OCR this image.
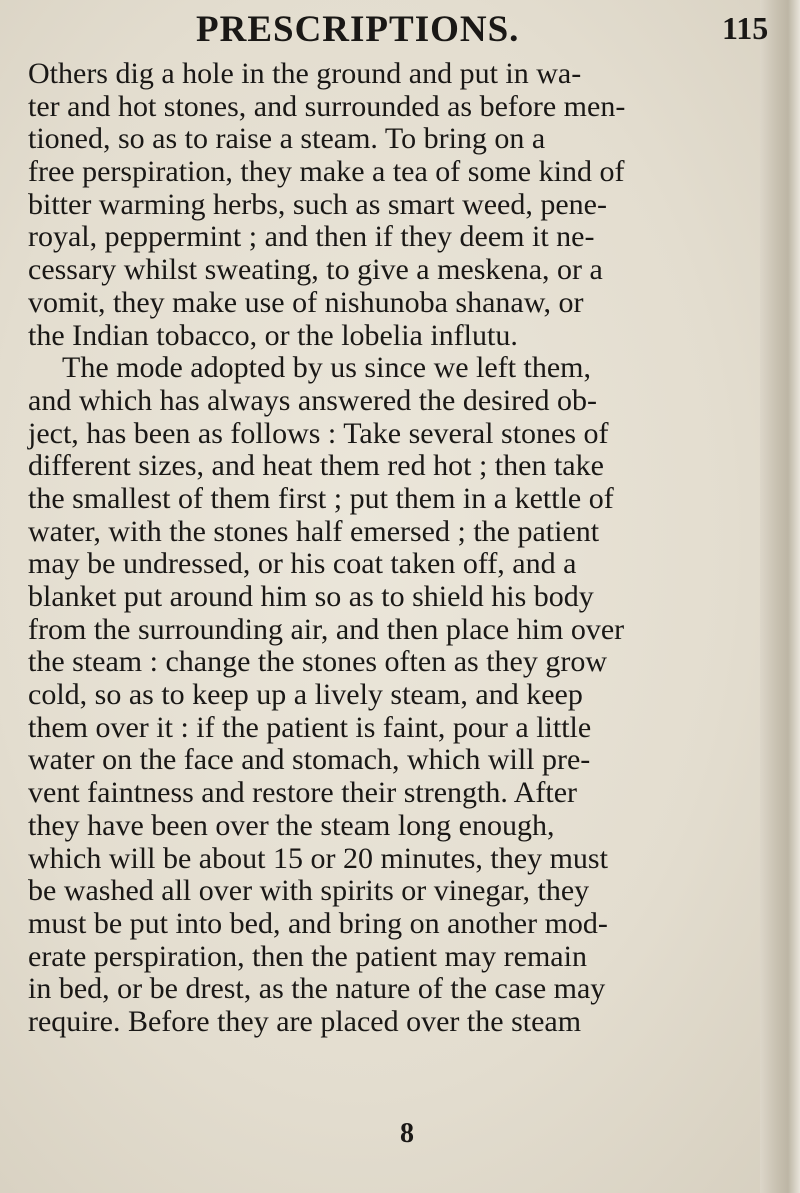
PRESCRIPTIONS.	115
Others dig a hole in the ground and put in wa-
ter and hot stones, and surrounded as before men-
tioned, so as to raise a steam. To bring on a
free perspiration, they make a tea of some kind of
bitter warming herbs, such as smart weed, pene-
royal, peppermint ; and then if they deem it ne-
cessary whilst sweating, to give a meskena, or a
vomit, they make use of nishunoba shanaw, or
the Indian tobacco, or the lobelia influtu.
The mode adopted by us since we left them,
and which has always answered the desired ob-
ject, has been as follows : Take several stones of
different sizes, and heat them red hot ; then take
the smallest of them first ; put them in a kettle of
water, with the stones half emersed ; the patient
may be undressed, or his coat taken off, and a
blanket put around him so as to shield his body
from the surrounding air, and then place him over
the steam : change the stones often as they grow
cold, so as to keep up a lively steam, and keep
them over it : if the patient is faint, pour a little
water on the face and stomach, which will pre-
vent faintness and restore their strength. After
they have been over the steam long enough,
which will be about 15 or 20 minutes, they must
be washed all over with spirits or vinegar, they
must be put into bed, and bring on another mod-
erate perspiration, then the patient may remain
in bed, or be drest, as the nature of the case may
require. Before they are placed over the steam
8
